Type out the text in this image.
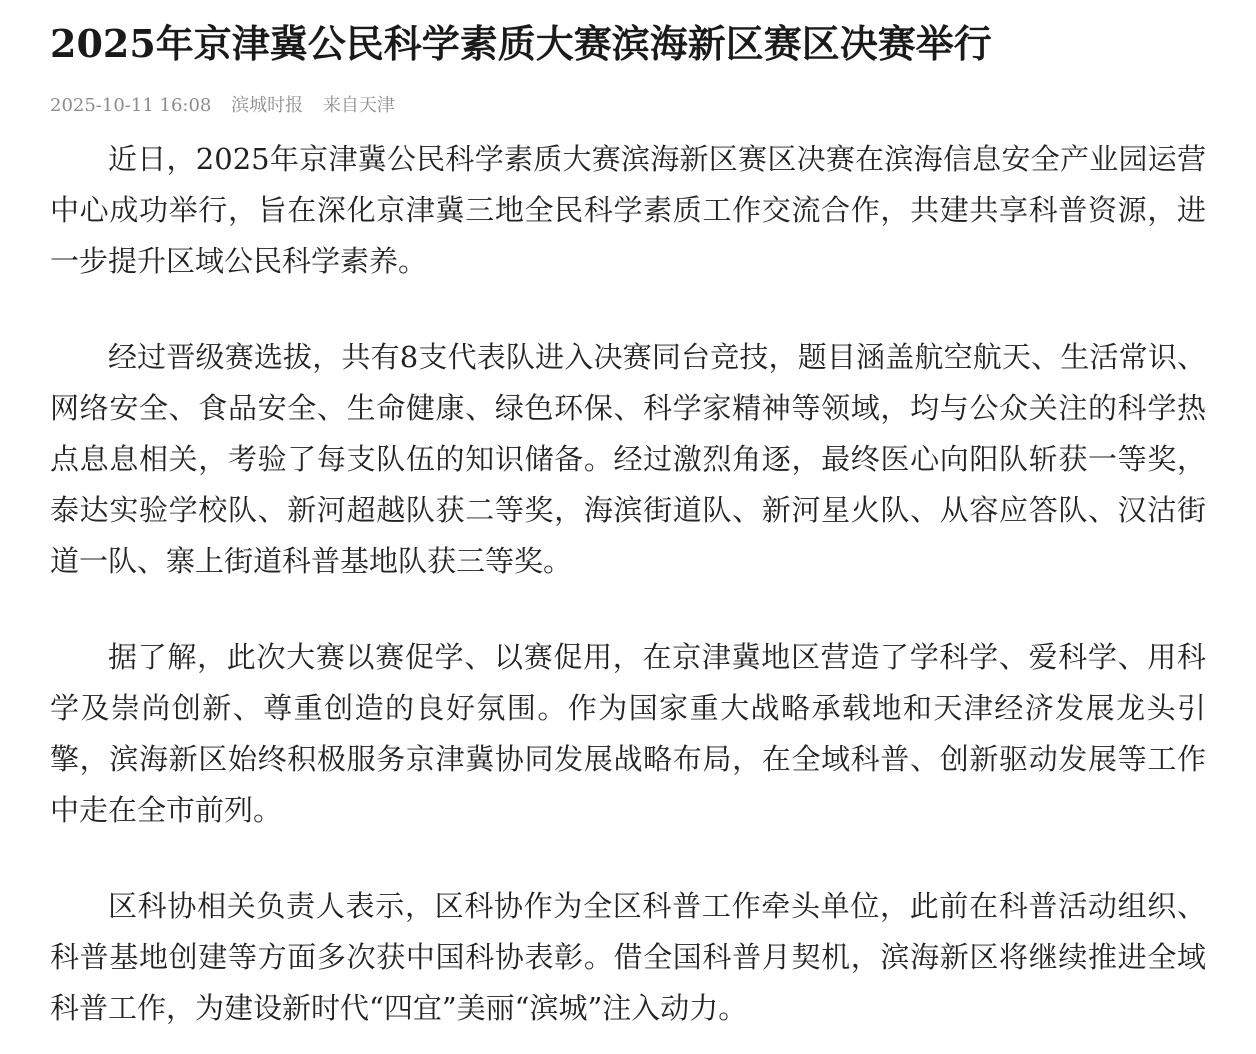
2025年京津冀公民科学素质大赛滨海新区赛区决赛举行
2025-10-11 16:08 滨城时报 来自天津

近日，2025年京津冀公民科学素质大赛滨海新区赛区决赛在滨海信息安全产业园运营中心成功举行，旨在深化京津冀三地全民科学素质工作交流合作，共建共享科普资源，进一步提升区域公民科学素养。

经过晋级赛选拔，共有8支代表队进入决赛同台竞技，题目涵盖航空航天、生活常识、网络安全、食品安全、生命健康、绿色环保、科学家精神等领域，均与公众关注的科学热点息息相关，考验了每支队伍的知识储备。经过激烈角逐，最终医心向阳队斩获一等奖，泰达实验学校队、新河超越队获二等奖，海滨街道队、新河星火队、从容应答队、汉沽街道一队、寨上街道科普基地队获三等奖。

据了解，此次大赛以赛促学、以赛促用，在京津冀地区营造了学科学、爱科学、用科学及崇尚创新、尊重创造的良好氛围。作为国家重大战略承载地和天津经济发展龙头引擎，滨海新区始终积极服务京津冀协同发展战略布局，在全域科普、创新驱动发展等工作中走在全市前列。

区科协相关负责人表示，区科协作为全区科普工作牵头单位，此前在科普活动组织、科普基地创建等方面多次获中国科协表彰。借全国科普月契机，滨海新区将继续推进全域科普工作，为建设新时代“四宜”美丽“滨城”注入动力。
